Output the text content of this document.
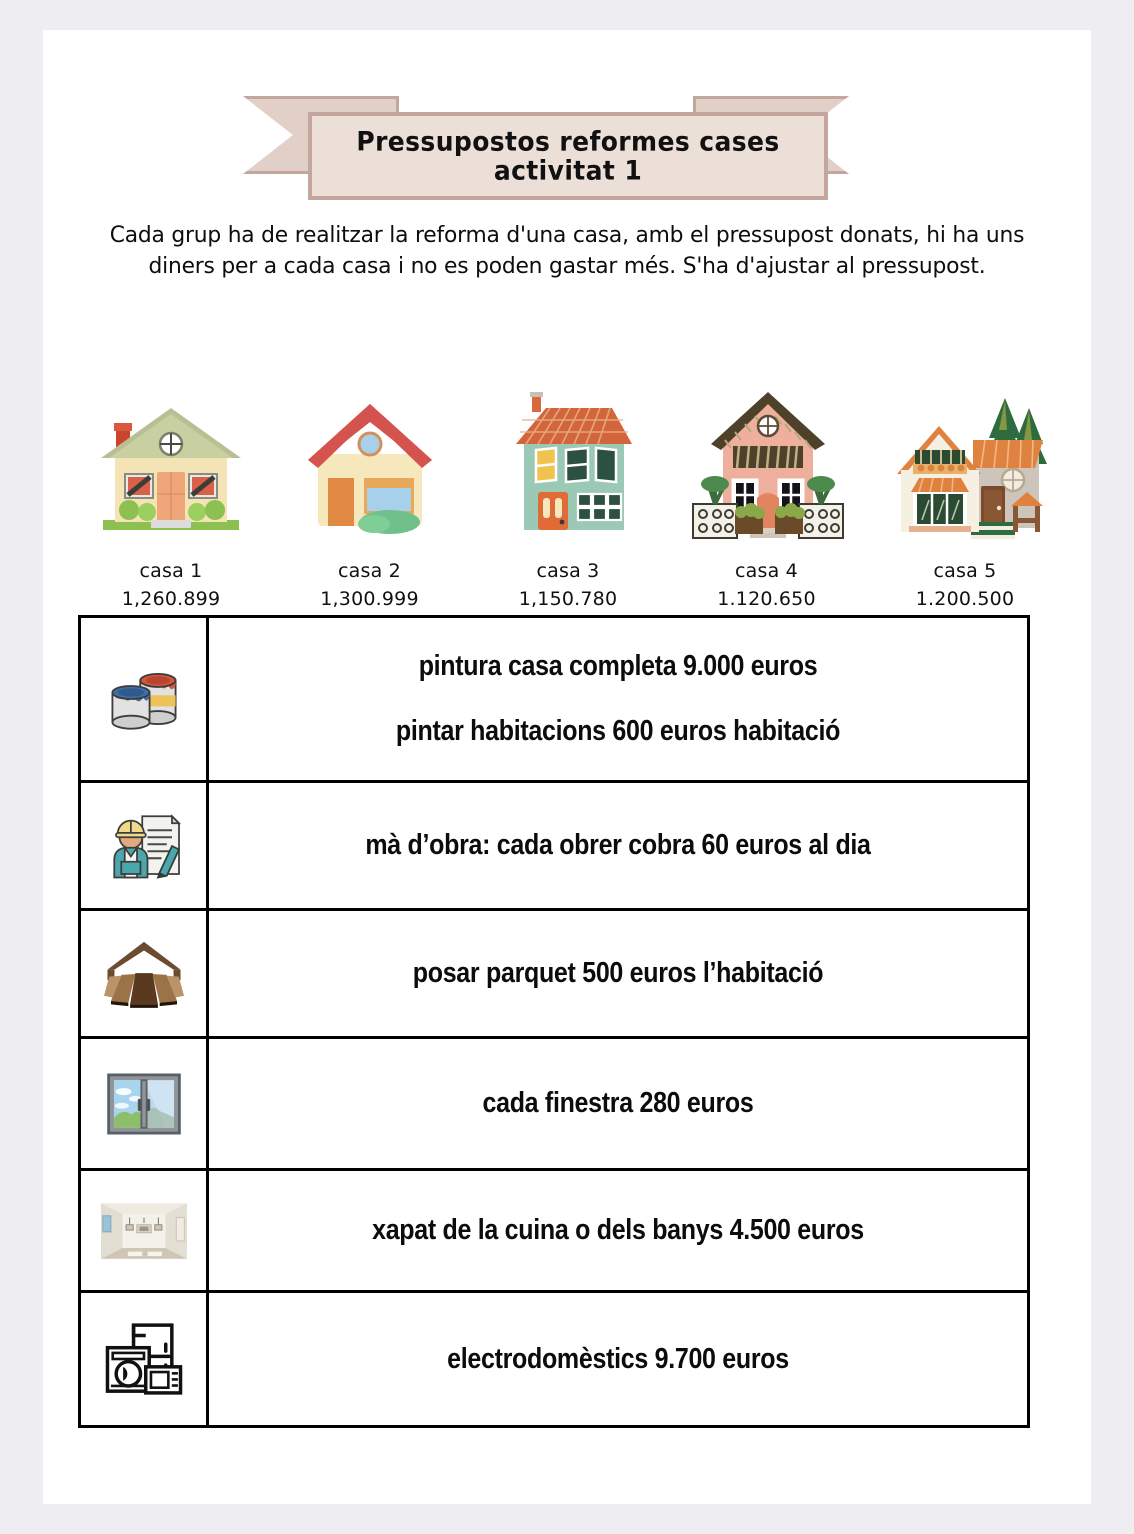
Pressupostos reformes cases
activitat 1
Cada grup ha de realitzar la reforma d'una casa, amb el pressupost donats, hi ha uns diners per a cada casa i no es poden gastar més. S'ha d'ajustar al pressupost.
casa 1
1,260.899
casa 2
1,300.999
casa 3
1,150.780
casa 4
1.120.650
casa 5
1.200.500

pintura casa completa 9.000 euros

pintar habitacions 600 euros habitació

mà d’obra: cada obrer cobra 60 euros al dia

posar parquet 500 euros l’habitació

cada finestra 280 euros

xapat de la cuina o dels banys 4.500 euros

electrodomèstics 9.700 euros
